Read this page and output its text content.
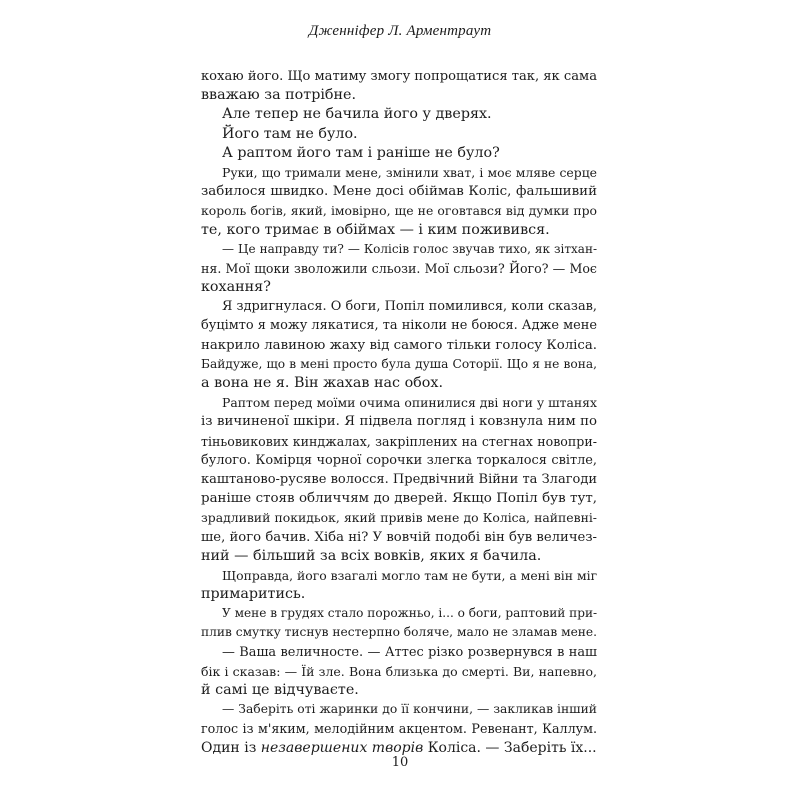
Дженніфер Л. Арментраут
кохаю його. Що матиму змогу попрощатися так, як сама
вважаю за потрібне.
Але тепер не бачила його у дверях.
Його там не було.
А раптом його там і раніше не було?
Руки, що тримали мене, змінили хват, і моє мляве серце
забилося швидко. Мене досі обіймав Колiс, фальшивий
король богів, який, імовірно, ще не оговтався від думки про
те, кого тримає в обіймах — і ким поживився.
— Це направду ти? — Колісів голос звучав тихо, як зітхан-
ня. Мої щоки зволожили сльози. Мої сльози? Його? — Моє
кохання?
Я здригнулася. О боги, Попіл помилився, коли сказав,
буцімто я можу лякатися, та ніколи не боюся. Адже мене
накрило лавиною жаху від самого тільки голосу Коліса.
Байдуже, що в мені просто була душа Соторії. Що я не вона,
а вона не я. Він жахав нас обох.
Раптом перед моїми очима опинилися дві ноги у штанях
із вичиненої шкіри. Я підвела погляд і ковзнула ним по
тіньовикових кинджалах, закріплених на стегнах новопри-
булого. Комірця чорної сорочки злегка торкалося світле,
каштаново-русяве волосся. Предвічний Війни та Злагоди
раніше стояв обличчям до дверей. Якщо Попіл був тут,
зрадливий покидьок, який привів мене до Коліса, найпевні-
ше, його бачив. Хіба ні? У вовчій подобі він був величез-
ний — більший за всіх вовків, яких я бачила.
Щоправда, його взагалі могло там не бути, а мені він міг
примаритись.
У мене в грудях стало порожньо, і... о боги, раптовий при-
плив смутку тиснув нестерпно боляче, мало не зламав мене.
— Ваша величносте. — Аттес різко розвернувся в наш
бік і сказав: — Їй зле. Вона близька до смерті. Ви, напевно,
й самі це відчуваєте.
— Заберіть оті жаринки до її кончини, — закликав інший
голос із м'яким, мелодійним акцентом. Ревенант, Каллум.
Один із незавершених творів Коліса. — Заберіть їх...
10
